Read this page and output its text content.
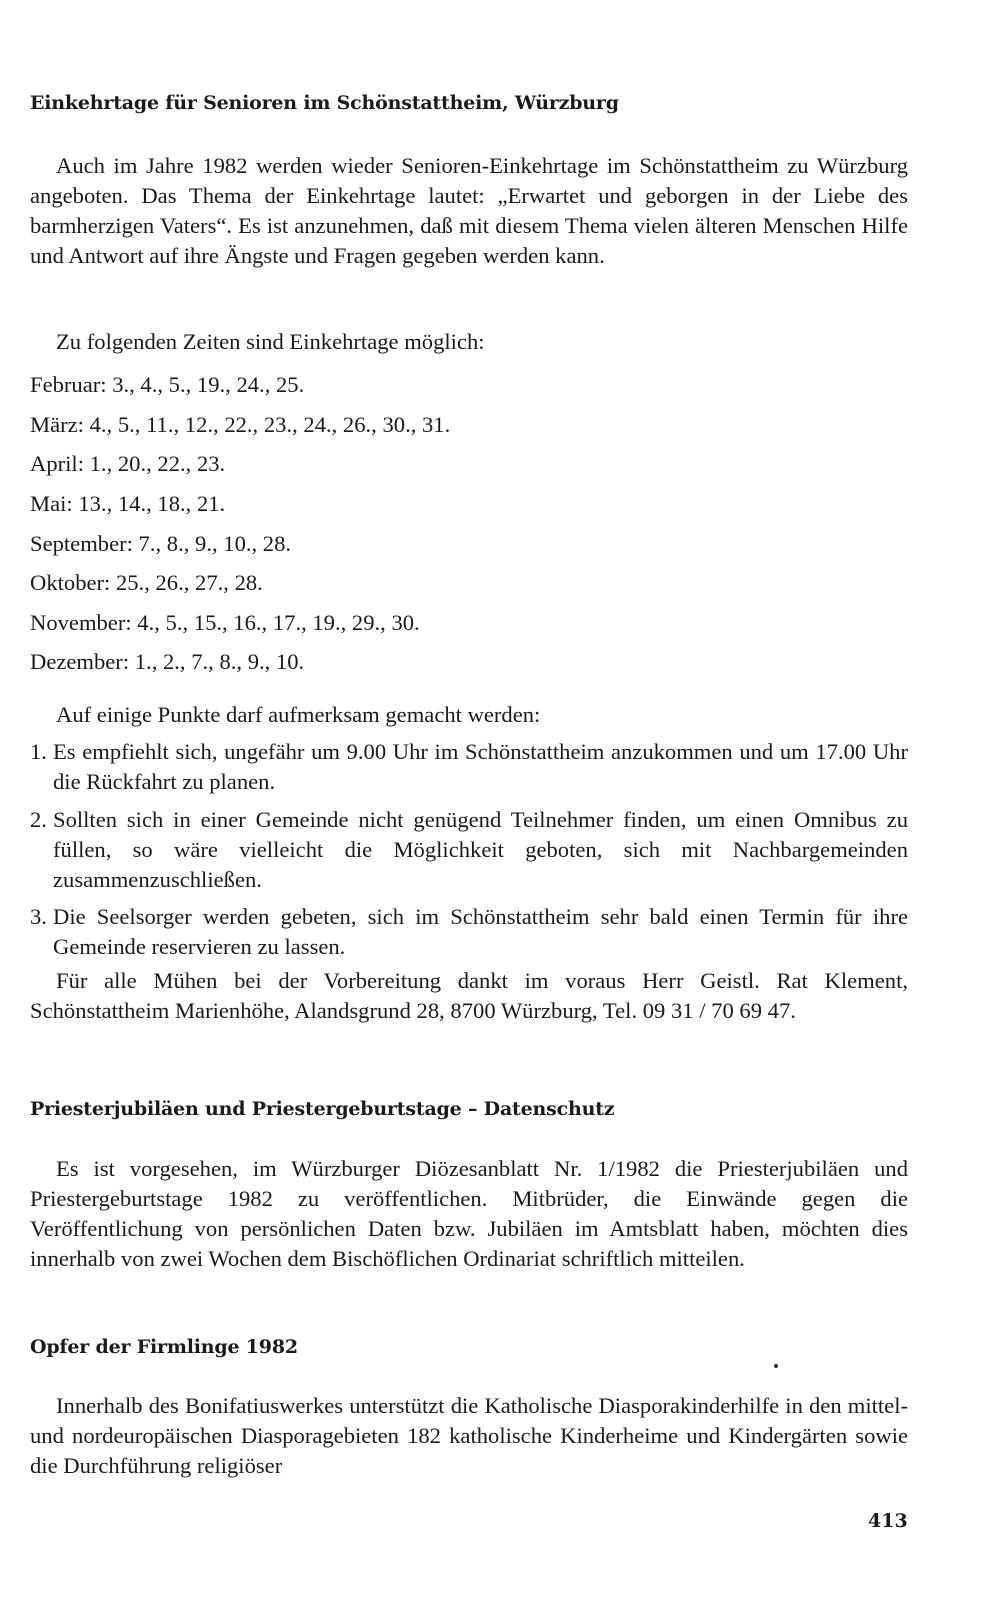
Einkehrtage für Senioren im Schönstattheim, Würzburg

Auch im Jahre 1982 werden wieder Senioren-Einkehrtage im Schönstattheim zu Würzburg angeboten. Das Thema der Einkehrtage lautet: „Erwartet und geborgen in der Liebe des barmherzigen Vaters“. Es ist anzunehmen, daß mit diesem Thema vielen älteren Menschen Hilfe und Antwort auf ihre Ängste und Fragen gegeben werden kann.

Zu folgenden Zeiten sind Einkehrtage möglich:

Februar: 3., 4., 5., 19., 24., 25.

März: 4., 5., 11., 12., 22., 23., 24., 26., 30., 31.

April: 1., 20., 22., 23.

Mai: 13., 14., 18., 21.

September: 7., 8., 9., 10., 28.

Oktober: 25., 26., 27., 28.

November: 4., 5., 15., 16., 17., 19., 29., 30.

Dezember: 1., 2., 7., 8., 9., 10.

Auf einige Punkte darf aufmerksam gemacht werden:

1. Es empfiehlt sich, ungefähr um 9.00 Uhr im Schönstattheim anzukommen und um 17.00 Uhr die Rückfahrt zu planen.
2. Sollten sich in einer Gemeinde nicht genügend Teilnehmer finden, um einen Omnibus zu füllen, so wäre vielleicht die Möglichkeit geboten, sich mit Nachbargemeinden zusammenzuschließen.
3. Die Seelsorger werden gebeten, sich im Schönstattheim sehr bald einen Termin für ihre Gemeinde reservieren zu lassen.

Für alle Mühen bei der Vorbereitung dankt im voraus Herr Geistl. Rat Klement, Schönstattheim Marienhöhe, Alandsgrund 28, 8700 Würzburg, Tel. 09 31 / 70 69 47.

Priesterjubiläen und Priestergeburtstage – Datenschutz

Es ist vorgesehen, im Würzburger Diözesanblatt Nr. 1/1982 die Priesterjubiläen und Priestergeburtstage 1982 zu veröffentlichen. Mitbrüder, die Einwände gegen die Veröffentlichung von persönlichen Daten bzw. Jubiläen im Amtsblatt haben, möchten dies innerhalb von zwei Wochen dem Bischöflichen Ordinariat schriftlich mitteilen.

Opfer der Firmlinge 1982

Innerhalb des Bonifatiuswerkes unterstützt die Katholische Diasporakinderhilfe in den mittel- und nordeuropäischen Diasporagebieten 182 katholische Kinderheime und Kindergärten sowie die Durchführung religiöser

413
